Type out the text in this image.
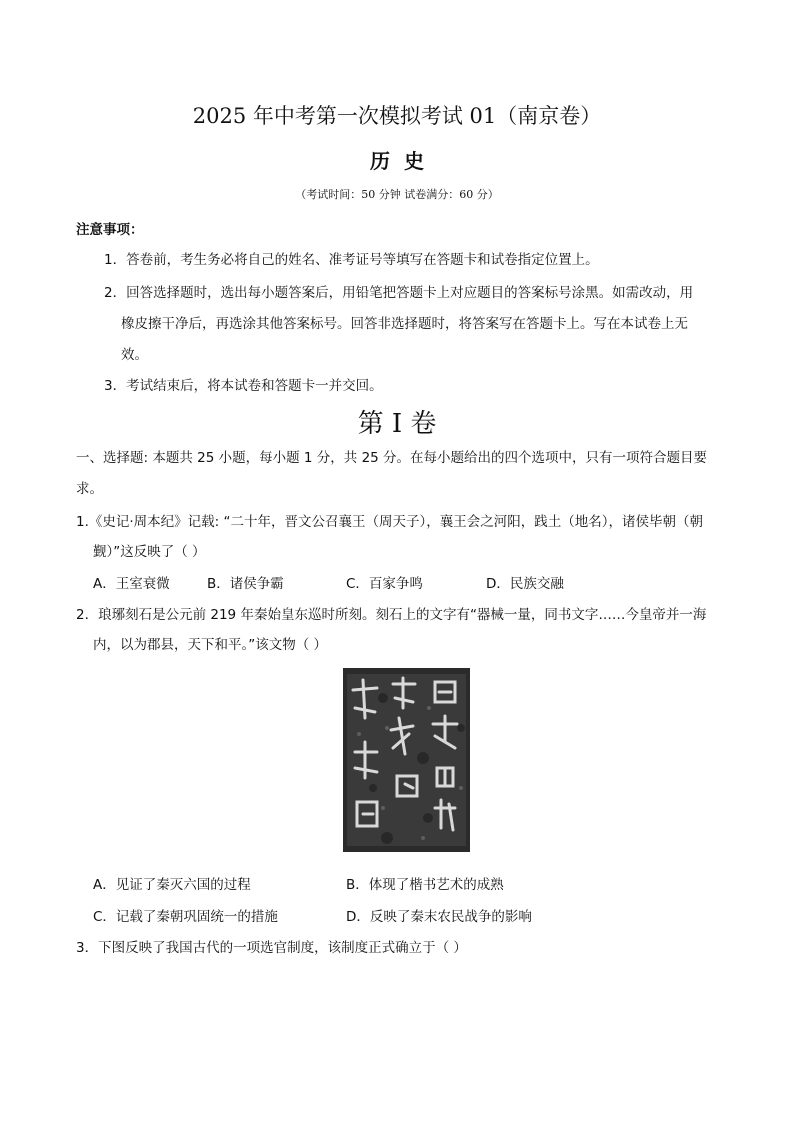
2025 年中考第一次模拟考试 01（南京卷）
历史
（考试时间：50 分钟 试卷满分：60 分）
注意事项：
1．答卷前，考生务必将自己的姓名、准考证号等填写在答题卡和试卷指定位置上。
2．回答选择题时，选出每小题答案后，用铅笔把答题卡上对应题目的答案标号涂黑。如需改动，用
橡皮擦干净后，再选涂其他答案标号。回答非选择题时，将答案写在答题卡上。写在本试卷上无
效。
3．考试结束后，将本试卷和答题卡一并交回。
第 I 卷
一、选择题: 本题共 25 小题，每小题 1 分，共 25 分。在每小题给出的四个选项中，只有一项符合题目要
求。
1.《史记·周本纪》记载: “二十年，晋文公召襄王（周天子），襄王会之河阳，践土（地名），诸侯毕朝（朝
觐）”这反映了（ ）
A．王室衰微	B．诸侯争霸	C．百家争鸣	D．民族交融
2．琅琊刻石是公元前 219 年秦始皇东巡时所刻。刻石上的文字有“器械一量，同书文字……今皇帝并一海
内，以为郡县，天下和平。”该文物（ ）
A．见证了秦灭六国的过程	B．体现了楷书艺术的成熟
C．记载了秦朝巩固统一的措施	D．反映了秦末农民战争的影响
3．下图反映了我国古代的一项选官制度，该制度正式确立于（ ）
